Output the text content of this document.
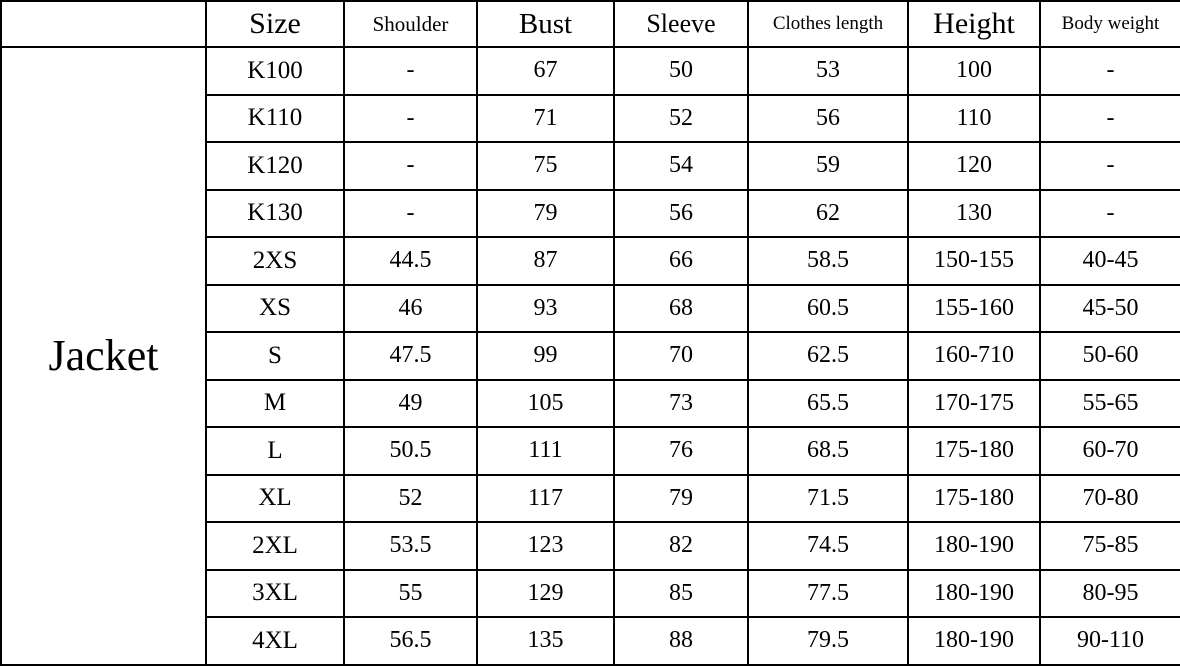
	Size	Shoulder	Bust	Sleeve	Clothes length	Height	Body weight
Jacket	K100	-	67	50	53	100	-
	K110	-	71	52	56	110	-
	K120	-	75	54	59	120	-
	K130	-	79	56	62	130	-
	2XS	44.5	87	66	58.5	150-155	40-45
	XS	46	93	68	60.5	155-160	45-50
	S	47.5	99	70	62.5	160-710	50-60
	M	49	105	73	65.5	170-175	55-65
	L	50.5	111	76	68.5	175-180	60-70
	XL	52	117	79	71.5	175-180	70-80
	2XL	53.5	123	82	74.5	180-190	75-85
	3XL	55	129	85	77.5	180-190	80-95
	4XL	56.5	135	88	79.5	180-190	90-110
